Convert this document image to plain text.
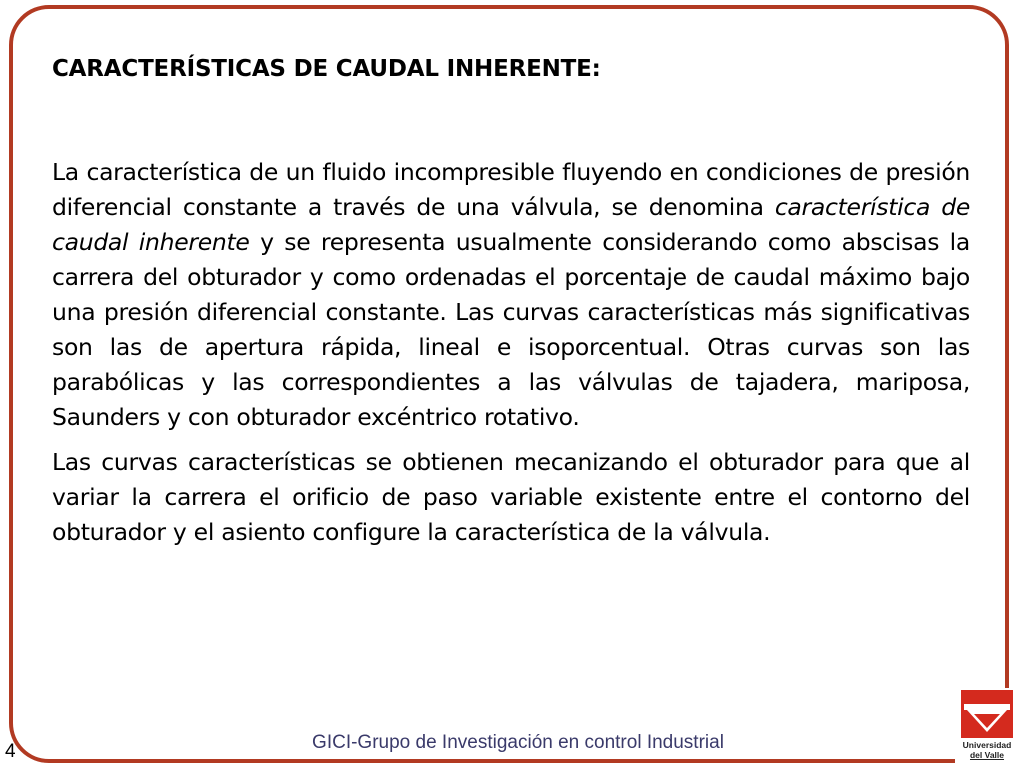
CARACTERÍSTICAS DE CAUDAL INHERENTE:

La característica de un fluido incompresible fluyendo en condiciones de presión diferencial constante a través de una válvula, se denomina característica de caudal inherente y se representa usualmente considerando como abscisas la carrera del obturador y como ordenadas el porcentaje de caudal máximo bajo una presión diferencial constante. Las curvas características más significativas son las de apertura rápida, lineal e isoporcentual. Otras curvas son las parabólicas y las correspondientes a las válvulas de tajadera, mariposa, Saunders y con obturador excéntrico rotativo.

Las curvas características se obtienen mecanizando el obturador para que al variar la carrera el orificio de paso variable existente entre el contorno del obturador y el asiento configure la característica de la válvula.

GICI-Grupo de Investigación en control Industrial
4	Universidad
del Valle
